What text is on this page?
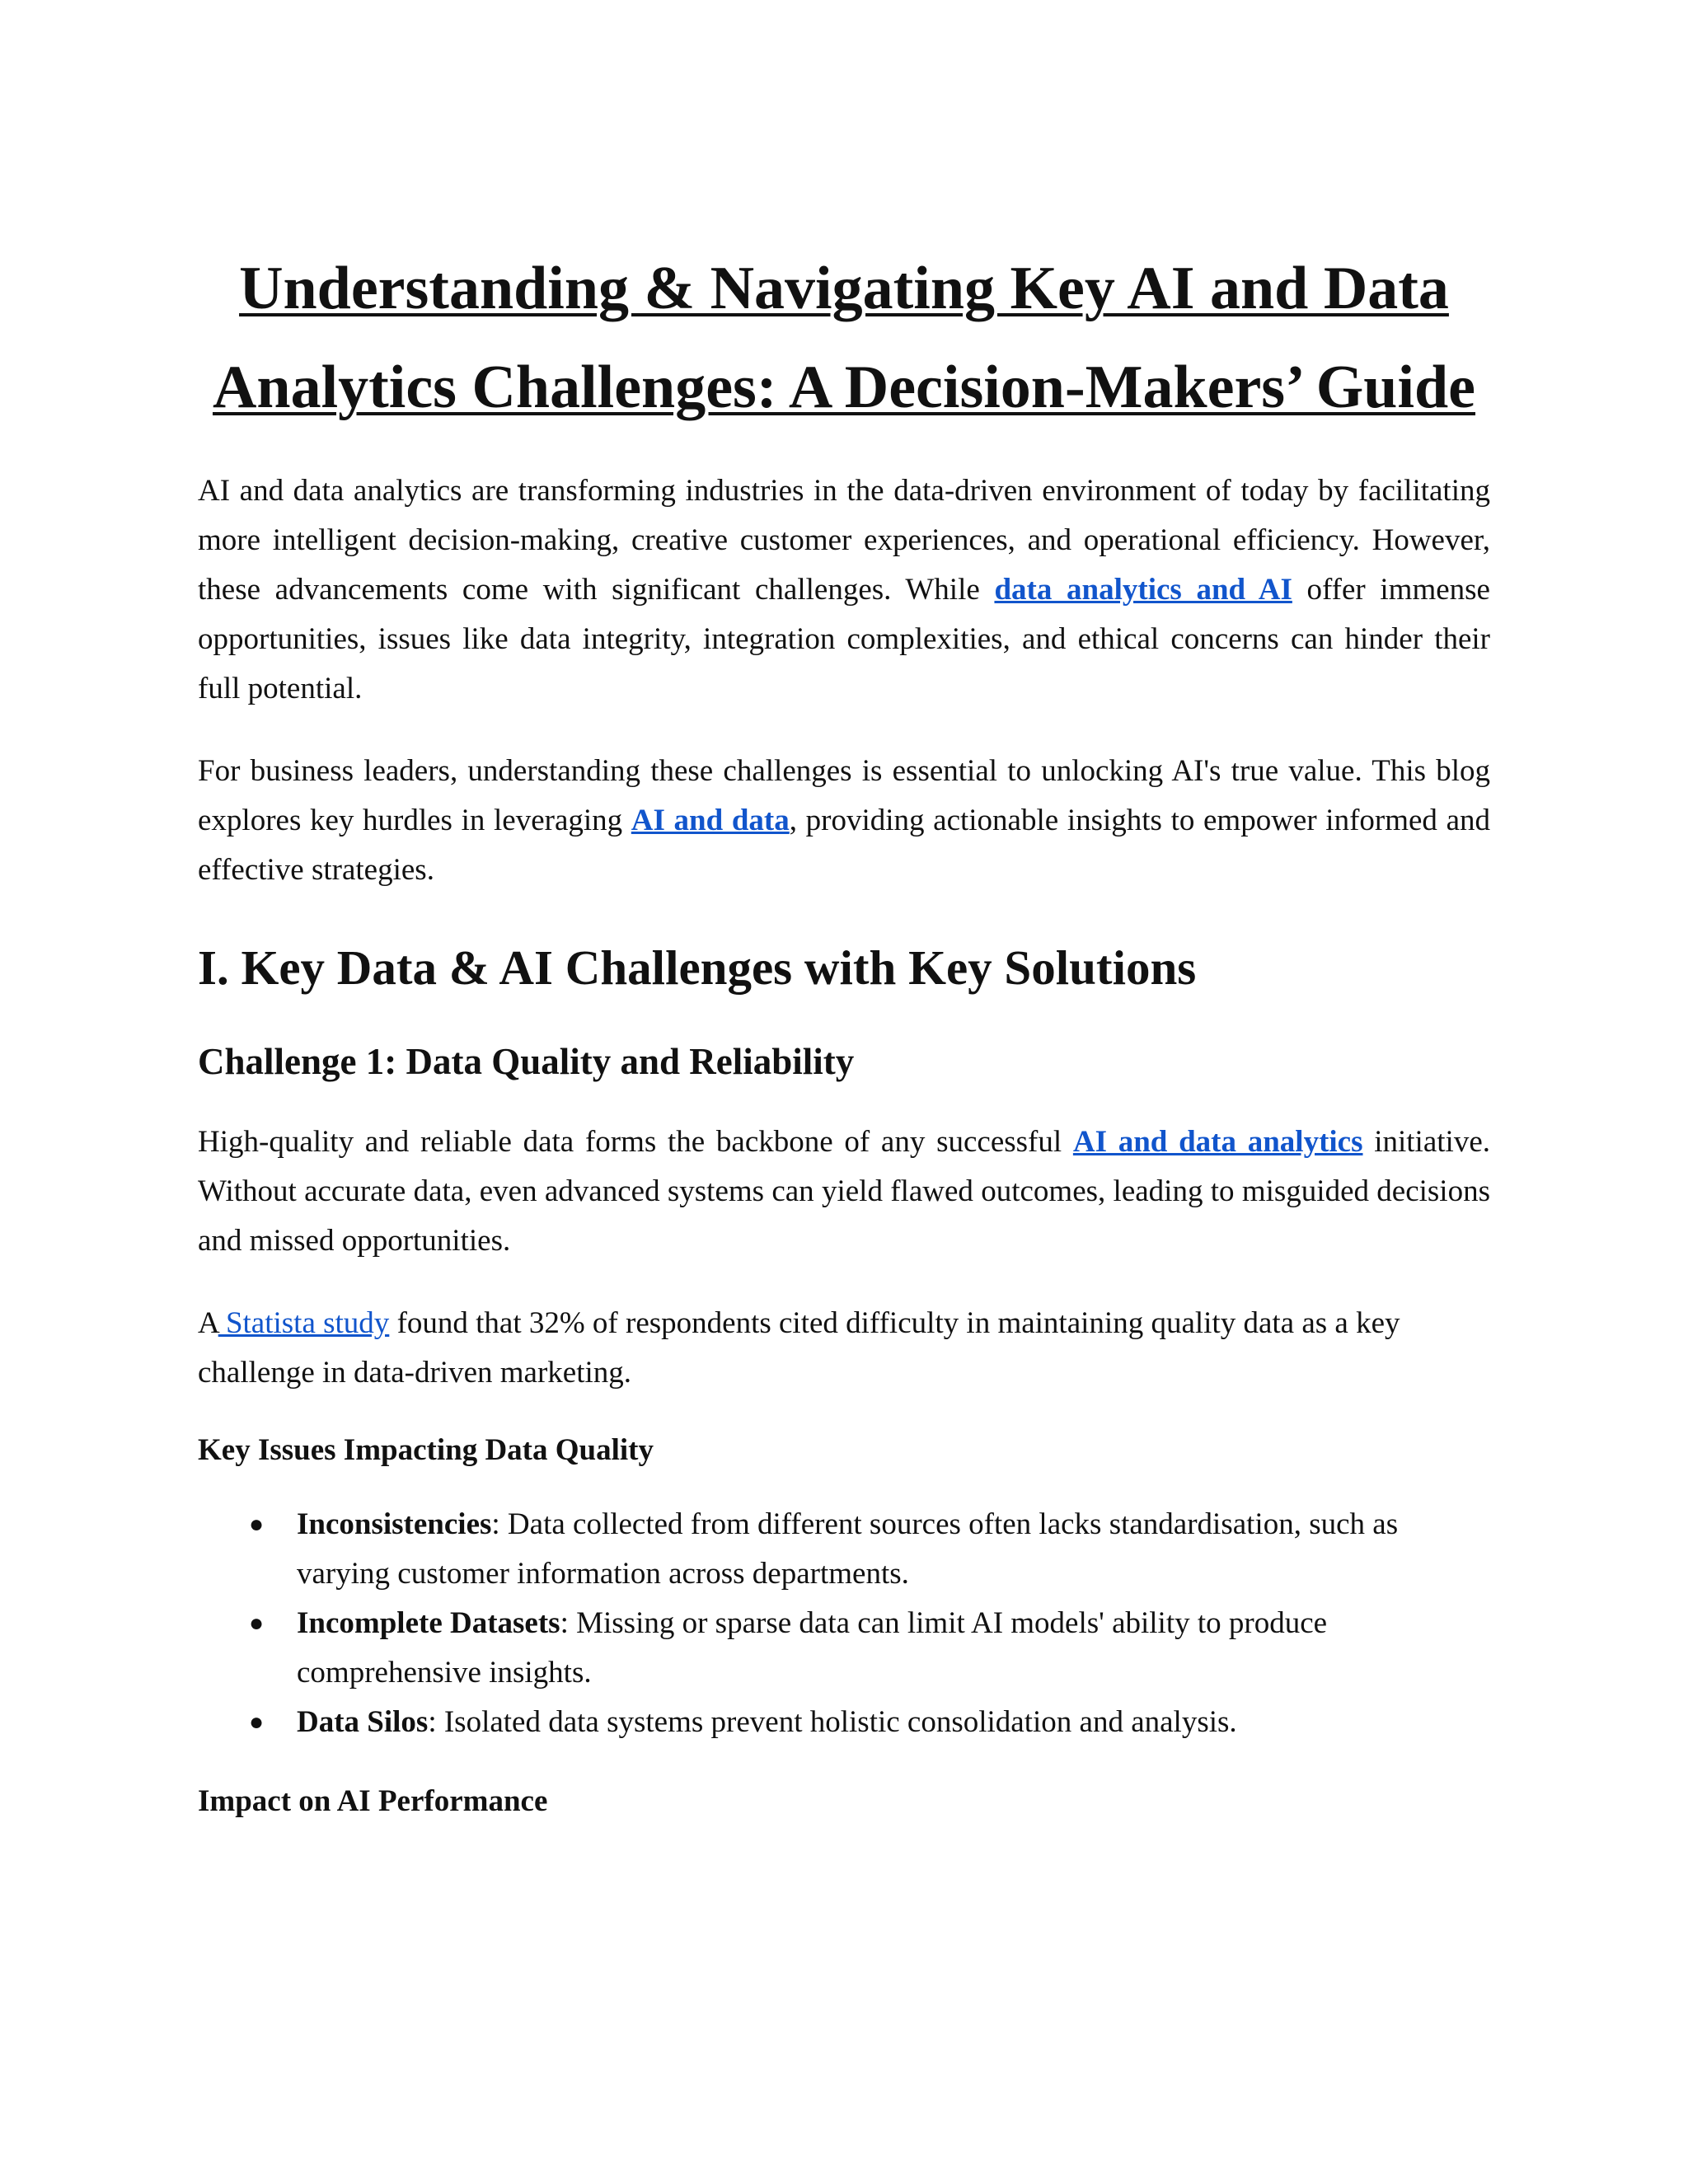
Understanding & Navigating Key AI and Data Analytics Challenges: A Decision-Makers’ Guide

AI and data analytics are transforming industries in the data-driven environment of today by facilitating more intelligent decision-making, creative customer experiences, and operational efficiency. However, these advancements come with significant challenges. While data analytics and AI offer immense opportunities, issues like data integrity, integration complexities, and ethical concerns can hinder their full potential.

For business leaders, understanding these challenges is essential to unlocking AI's true value. This blog explores key hurdles in leveraging AI and data, providing actionable insights to empower informed and effective strategies.

I. Key Data & AI Challenges with Key Solutions
Challenge 1: Data Quality and Reliability

High-quality and reliable data forms the backbone of any successful AI and data analytics initiative. Without accurate data, even advanced systems can yield flawed outcomes, leading to misguided decisions and missed opportunities.

A Statista study found that 32% of respondents cited difficulty in maintaining quality data as a key challenge in data-driven marketing.

Key Issues Impacting Data Quality
● Inconsistencies: Data collected from different sources often lacks standardisation, such as varying customer information across departments.
● Incomplete Datasets: Missing or sparse data can limit AI models' ability to produce comprehensive insights.
● Data Silos: Isolated data systems prevent holistic consolidation and analysis.
Impact on AI Performance
